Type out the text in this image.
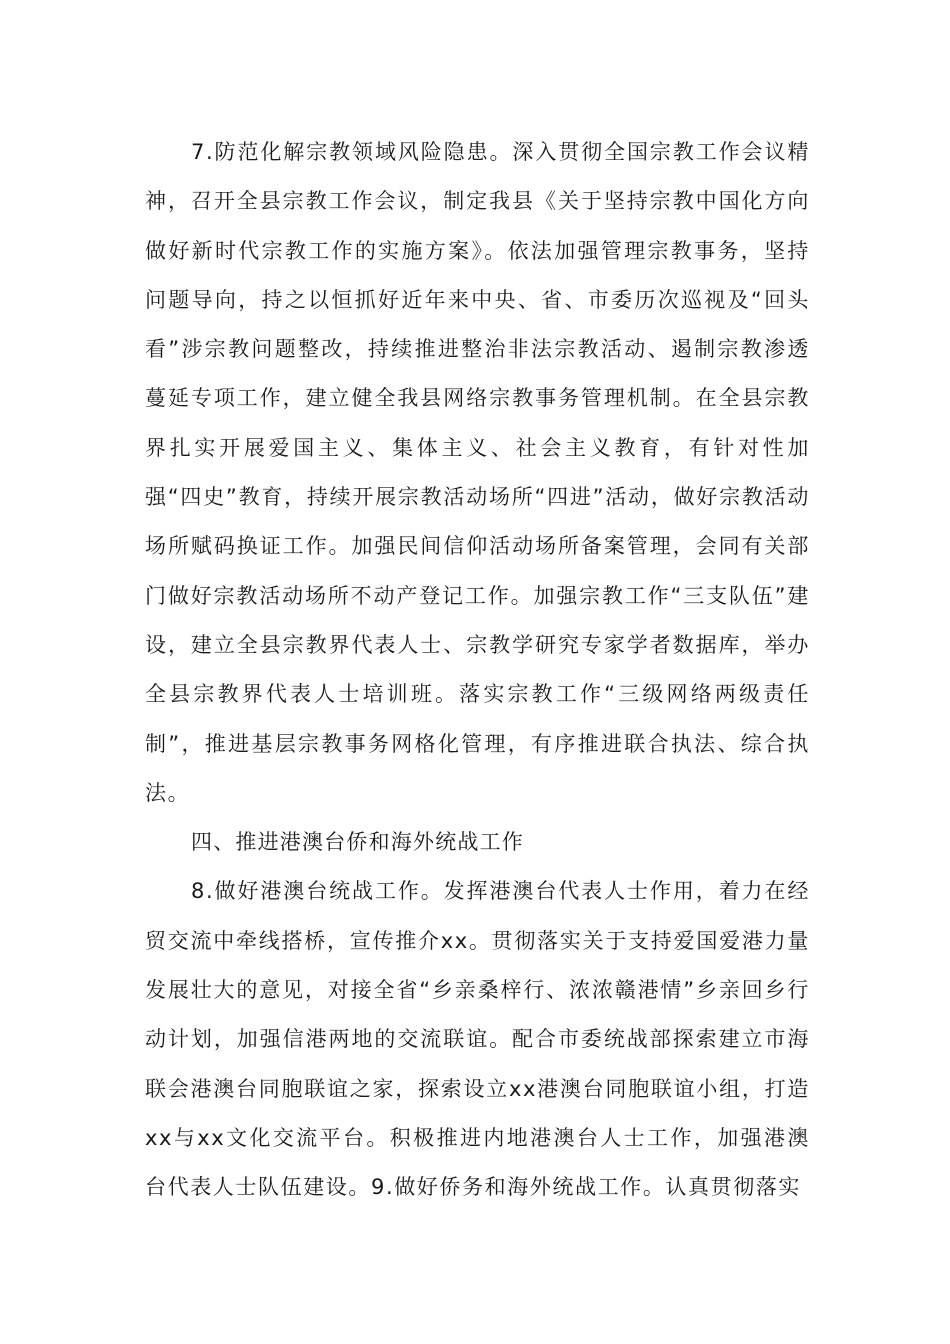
7.防范化解宗教领域风险隐患。深入贯彻全国宗教工作会议精神，召开全县宗教工作会议，制定我县《关于坚持宗教中国化方向做好新时代宗教工作的实施方案》。依法加强管理宗教事务，坚持问题导向，持之以恒抓好近年来中央、省、市委历次巡视及“回头看”涉宗教问题整改，持续推进整治非法宗教活动、遏制宗教渗透蔓延专项工作，建立健全我县网络宗教事务管理机制。在全县宗教界扎实开展爱国主义、集体主义、社会主义教育，有针对性加强“四史”教育，持续开展宗教活动场所“四进”活动，做好宗教活动场所赋码换证工作。加强民间信仰活动场所备案管理，会同有关部门做好宗教活动场所不动产登记工作。加强宗教工作“三支队伍”建设，建立全县宗教界代表人士、宗教学研究专家学者数据库，举办全县宗教界代表人士培训班。落实宗教工作“三级网络两级责任制”，推进基层宗教事务网格化管理，有序推进联合执法、综合执法。

四、推进港澳台侨和海外统战工作

8.做好港澳台统战工作。发挥港澳台代表人士作用，着力在经贸交流中牵线搭桥，宣传推介xx。贯彻落实关于支持爱国爱港力量发展壮大的意见，对接全省“乡亲桑梓行、浓浓赣港情”乡亲回乡行动计划，加强信港两地的交流联谊。配合市委统战部探索建立市海联会港澳台同胞联谊之家，探索设立xx港澳台同胞联谊小组，打造xx与xx文化交流平台。积极推进内地港澳台人士工作，加强港澳台代表人士队伍建设。9.做好侨务和海外统战工作。认真贯彻落实
